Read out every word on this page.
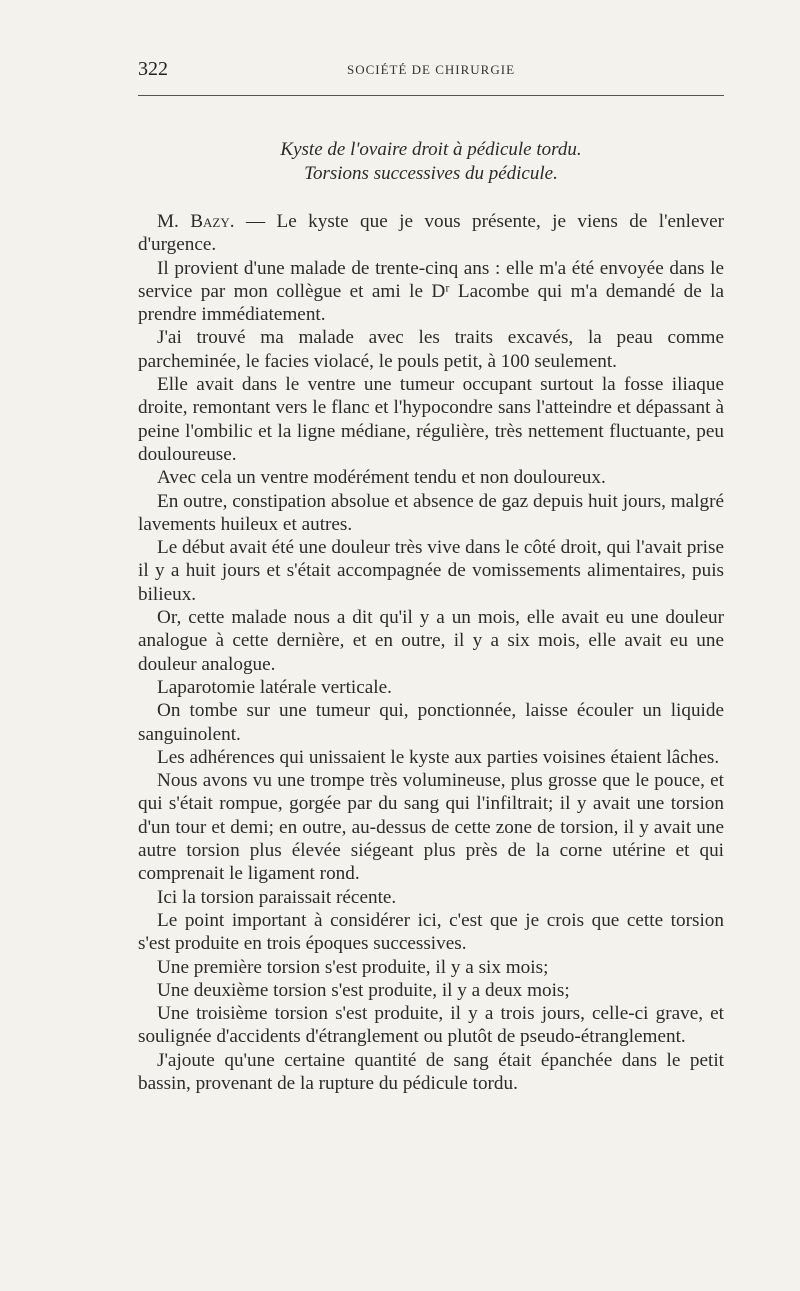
322	SOCIÉTÉ DE CHIRURGIE
Kyste de l'ovaire droit à pédicule tordu.
Torsions successives du pédicule.

M. Bazy. — Le kyste que je vous présente, je viens de l'enlever d'urgence.

Il provient d'une malade de trente-cinq ans : elle m'a été envoyée dans le service par mon collègue et ami le Dʳ Lacombe qui m'a demandé de la prendre immédiatement.

J'ai trouvé ma malade avec les traits excavés, la peau comme parcheminée, le facies violacé, le pouls petit, à 100 seulement.

Elle avait dans le ventre une tumeur occupant surtout la fosse iliaque droite, remontant vers le flanc et l'hypocondre sans l'atteindre et dépassant à peine l'ombilic et la ligne médiane, régulière, très nettement fluctuante, peu douloureuse.

Avec cela un ventre modérément tendu et non douloureux.

En outre, constipation absolue et absence de gaz depuis huit jours, malgré lavements huileux et autres.

Le début avait été une douleur très vive dans le côté droit, qui l'avait prise il y a huit jours et s'était accompagnée de vomissements alimentaires, puis bilieux.

Or, cette malade nous a dit qu'il y a un mois, elle avait eu une douleur analogue à cette dernière, et en outre, il y a six mois, elle avait eu une douleur analogue.

Laparotomie latérale verticale.

On tombe sur une tumeur qui, ponctionnée, laisse écouler un liquide sanguinolent.

Les adhérences qui unissaient le kyste aux parties voisines étaient lâches.

Nous avons vu une trompe très volumineuse, plus grosse que le pouce, et qui s'était rompue, gorgée par du sang qui l'infiltrait; il y avait une torsion d'un tour et demi; en outre, au-dessus de cette zone de torsion, il y avait une autre torsion plus élevée siégeant plus près de la corne utérine et qui comprenait le ligament rond.

Ici la torsion paraissait récente.

Le point important à considérer ici, c'est que je crois que cette torsion s'est produite en trois époques successives.

Une première torsion s'est produite, il y a six mois;

Une deuxième torsion s'est produite, il y a deux mois;

Une troisième torsion s'est produite, il y a trois jours, celle-ci grave, et soulignée d'accidents d'étranglement ou plutôt de pseudo-étranglement.

J'ajoute qu'une certaine quantité de sang était épanchée dans le petit bassin, provenant de la rupture du pédicule tordu.
